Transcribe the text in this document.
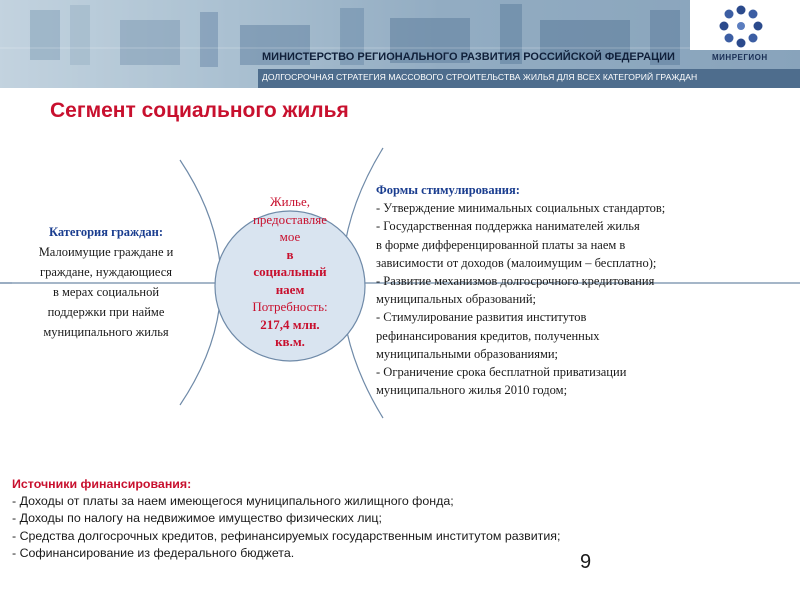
МИНИСТЕРСТВО РЕГИОНАЛЬНОГО РАЗВИТИЯ РОССИЙСКОЙ ФЕДЕРАЦИИ
ДОЛГОСРОЧНАЯ СТРАТЕГИЯ МАССОВОГО СТРОИТЕЛЬСТВА ЖИЛЬЯ ДЛЯ ВСЕХ КАТЕГОРИЙ ГРАЖДАН
МИНРЕГИОН
Сегмент социального жилья
Категория граждан:
Малоимущие граждане и
граждане, нуждающиеся
в мерах социальной
поддержки при найме
муниципального жилья
Жилье,
предоставляе
мое
в
социальный
наем
Потребность:
217,4 млн.
кв.м.
Формы стимулирования:
- Утверждение минимальных социальных стандартов;
- Государственная поддержка нанимателей жилья
в форме дифференцированной платы за наем в
зависимости от доходов (малоимущим – бесплатно);
- Развитие механизмов долгосрочного кредитования
муниципальных образований;
- Стимулирование развития институтов
рефинансирования кредитов, полученных
муниципальными образованиями;
- Ограничение срока бесплатной приватизации
муниципального жилья 2010 годом;
Источники финансирования:
- Доходы от платы за наем имеющегося муниципального жилищного фонда;
- Доходы по налогу на недвижимое имущество физических лиц;
- Средства долгосрочных кредитов, рефинансируемых государственным институтом развития;
- Софинансирование из федерального бюджета.	9
